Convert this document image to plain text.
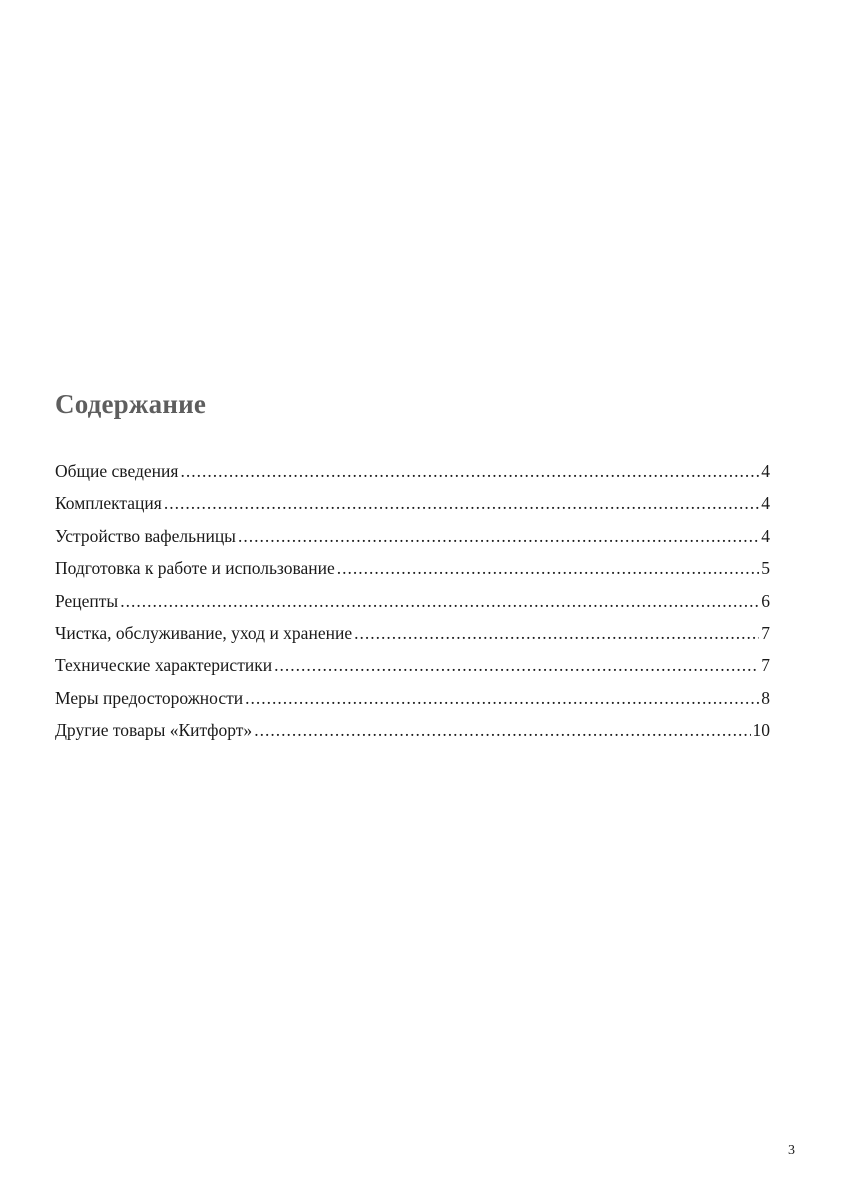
Содержание
Общие сведения .....	4
Комплектация .....	4
Устройство вафельницы .....	4
Подготовка к работе и использование .....	5
Рецепты .....	6
Чистка, обслуживание, уход и хранение .....	7
Технические характеристики .....	7
Меры предосторожности .....	8
Другие товары «Китфорт» .....	10
3
